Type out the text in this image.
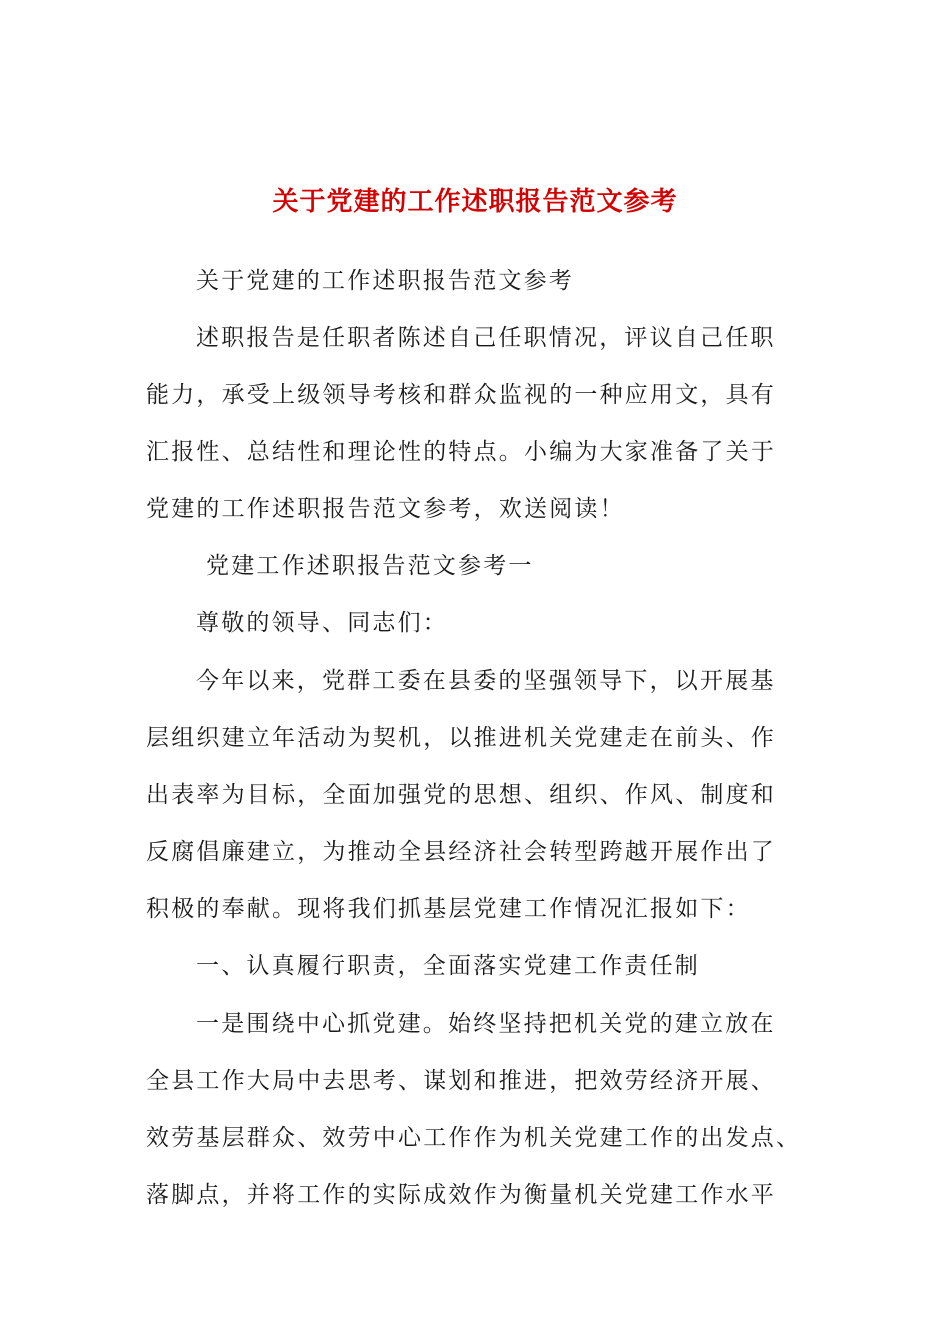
关于党建的工作述职报告范文参考
关于党建的工作述职报告范文参考
述职报告是任职者陈述自己任职情况，评议自己任职
能力，承受上级领导考核和群众监视的一种应用文，具有
汇报性、总结性和理论性的特点。小编为大家准备了关于
党建的工作述职报告范文参考，欢送阅读！
党建工作述职报告范文参考一
尊敬的领导、同志们：
今年以来，党群工委在县委的坚强领导下，以开展基
层组织建立年活动为契机，以推进机关党建走在前头、作
出表率为目标，全面加强党的思想、组织、作风、制度和
反腐倡廉建立，为推动全县经济社会转型跨越开展作出了
积极的奉献。现将我们抓基层党建工作情况汇报如下：
一、认真履行职责，全面落实党建工作责任制
一是围绕中心抓党建。始终坚持把机关党的建立放在
全县工作大局中去思考、谋划和推进，把效劳经济开展、
效劳基层群众、效劳中心工作作为机关党建工作的出发点、
落脚点，并将工作的实际成效作为衡量机关党建工作水平
